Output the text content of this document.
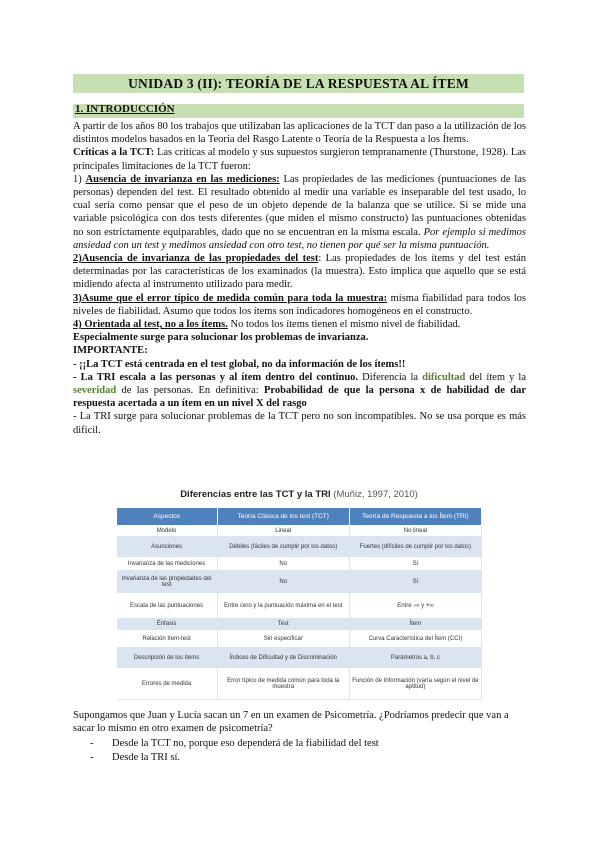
UNIDAD 3 (II): TEORÍA DE LA RESPUESTA AL ÍTEM
1. INTRODUCCIÓN

A partir de los años 80 los trabajos que utilizaban las aplicaciones de la TCT dan paso a la utilización de los distintos modelos basados en la Teoría del Rasgo Latente o Teoría de la Respuesta a los Ítems.

Críticas a la TCT: Las críticas al modelo y sus supuestos surgieron tempranamente (Thurstone, 1928). Las principales limitaciones de la TCT fueron:

1) Ausencia de invarianza en las mediciones: Las propiedades de las mediciones (puntuaciones de las personas) dependen del test. El resultado obtenido al medir una variable es inseparable del test usado, lo cual sería como pensar que el peso de un objeto depende de la balanza que se utilice. Si se mide una variable psicológica con dos tests diferentes (que miden el mismo constructo) las puntuaciones obtenidas no son estrictamente equiparables, dado que no se encuentran en la misma escala. Por ejemplo si medimos ansiedad con un test y medimos ansiedad con otro test, no tienen por qué ser la misma puntuación.

2)Ausencia de invarianza de las propiedades del test: Las propiedades de los ítems y del test están determinadas por las características de los examinados (la muestra). Esto implica que aquello que se está midiendo afecta al instrumento utilizado para medir.

3)Asume que el error típico de medida común para toda la muestra: misma fiabilidad para todos los niveles de fiabilidad. Asumo que todos los ítems son indicadores homogéneos en el constructo.

4) Orientada al test, no a los ítems. No todos los ítems tienen el mismo nivel de fiabilidad.

Especialmente surge para solucionar los problemas de invarianza.

IMPORTANTE:

- ¡¡La TCT está centrada en el test global, no da información de los ítems!!

- La TRI escala a las personas y al ítem dentro del continuo. Diferencia la dificultad del ítem y la severidad de las personas. En definitiva: Probabilidad de que la persona x de habilidad de dar respuesta acertada a un ítem en un nivel X del rasgo

- La TRI surge para solucionar problemas de la TCT pero no son incompatibles. No se usa porque es más difícil.

Diferencias entre las TCT y la TRI (Muñiz, 1997, 2010)
Aspectos	Teoría Clásica de los test (TCT)	Teoría de Respuesta a los Ítem (TRI)
Modelo	Lineal	No lineal
Asunciones	Débiles (fáciles de cumplir por los datos)	Fuertes (difíciles de cumplir por los datos)
Invarianza de las mediciones	No	Sí
Invarianza de las propiedades del test	No	Sí
Escala de las puntuaciones	Entre cero y la puntuación máxima en el test	Entre -∞ y +∞
Énfasis	Test	Ítem
Relación ítem-test	Sin especificar	Curva Característica del Ítem (CCI)
Descripción de los ítems	Índices de Dificultad y de Discriminación	Parámetros a, b, c
Errores de medida	Error típico de medida común para toda la muestra	Función de Información (varía según el nivel de aptitud)

Supongamos que Juan y Lucía sacan un 7 en un examen de Psicometría. ¿Podríamos predecir que van a sacar lo mismo en otro examen de psicometría?

-	Desde la TCT no, porque eso dependerá de la fiabilidad del test
-	Desde la TRI sí.
